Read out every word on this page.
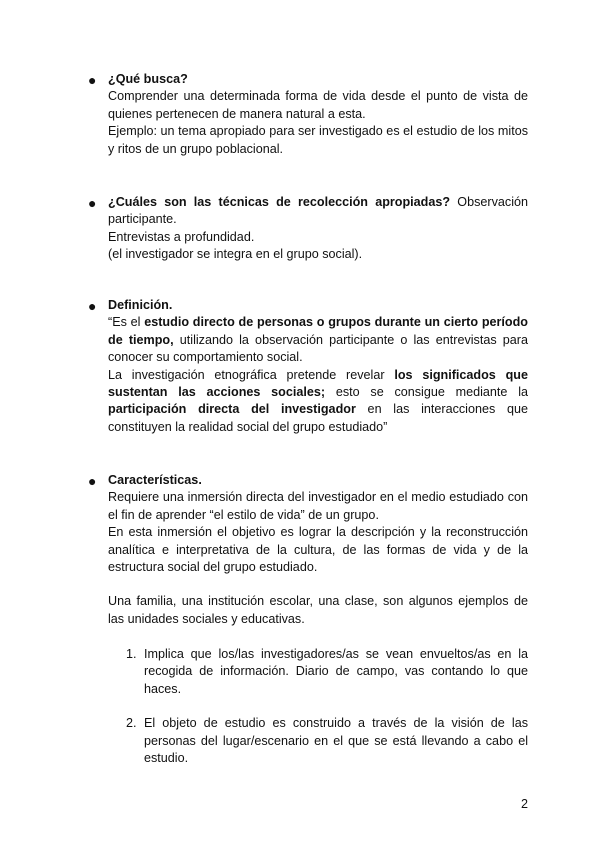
● ¿Qué busca?

Comprender una determinada forma de vida desde el punto de vista de quienes pertenecen de manera natural a esta.

Ejemplo: un tema apropiado para ser investigado es el estudio de los mitos y ritos de un grupo poblacional.

● ¿Cuáles son las técnicas de recolección apropiadas? Observación participante.

Entrevistas a profundidad.

(el investigador se integra en el grupo social).

● Definición.

“Es el estudio directo de personas o grupos durante un cierto período de tiempo, utilizando la observación participante o las entrevistas para conocer su comportamiento social.

La investigación etnográfica pretende revelar los significados que sustentan las acciones sociales; esto se consigue mediante la participación directa del investigador en las interacciones que constituyen la realidad social del grupo estudiado”

● Características.

Requiere una inmersión directa del investigador en el medio estudiado con el fin de aprender “el estilo de vida” de un grupo.

En esta inmersión el objetivo es lograr la descripción y la reconstrucción analítica e interpretativa de la cultura, de las formas de vida y de la estructura social del grupo estudiado.

Una familia, una institución escolar, una clase, son algunos ejemplos de las unidades sociales y educativas.

1. Implica que los/las investigadores/as se vean envueltos/as en la recogida de información. Diario de campo, vas contando lo que haces.
2. El objeto de estudio es construido a través de la visión de las personas del lugar/escenario en el que se está llevando a cabo el estudio.
2
